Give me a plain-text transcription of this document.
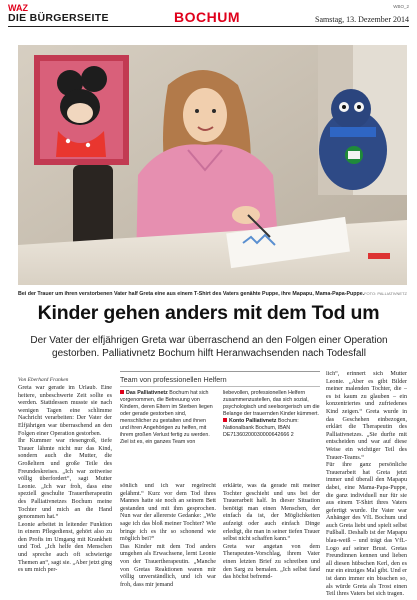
WAZ
DIE BÜRGERSEITE	BOCHUM
WBO_2
Samstag, 13. Dezember 2014
Bei der Trauer um ihren verstorbenen Vater half Greta eine aus einem T-Shirt des Vaters genähte Puppe, ihre Mapapu, Mama-Papa-Puppe. FOTO: PALLIATIVNETZ
Kinder gehen anders mit dem Tod um
Der Vater der elfjährigen Greta war überraschend an den Folgen einer Operation gestorben. Palliativnetz Bochum hilft Heranwachsenden nach Todesfall
Von Eberhard Franken
Greta war gerade im Urlaub. Eine heitere, unbeschwerte Zeit sollte es werden. Stattdessen musste sie nach wenigen Tagen eine schlimme Nachricht verarbeiten: Der Vater der Elfjährigen war überraschend an den Folgen einer Operation gestorben.
Ihr Kummer war riesengroß, tiefe Trauer lähmte nicht nur das Kind, sondern auch die Mutter, die Großeltern und große Teile des Freundeskreises. „Ich war zeitweise völlig überfordert“, sagt Mutter Leonie. „Ich war froh, dass eine speziell geschulte Trauertherapeutin des Palliativnetzes Bochum meine Tochter und mich an die Hand genommen hat.“
Leonie arbeitet in leitender Funktion in einem Pflegedienst, gehört also zu den Profis im Umgang mit Krankheit und Tod. „Ich helfe den Menschen und spreche auch oft schwierige Themen an“, sagt sie. „Aber jetzt ging es um mich per-
Team von professionellen Helfern
Das Palliativnetz Bochum hat sich vorgenommen, die Betreuung von Kindern, deren Eltern im Sterben liegen oder gerade gestorben sind, menschlicher zu gestalten und ihnen und ihren Angehörigen zu helfen, mit ihrem großen Verlust fertig zu werden. Ziel ist es, ein ganzes Team von
liebevollen, professionellen Helfern zusammenzustellen, das sich sozial, psychologisch und seelsorgerisch um die Belange der trauernden Kinder kümmert. Konto Palliativnetz Bochum: Nationalbank Bochum, IBAN DE71360200030000642666 2
sönlich und ich war regelrecht gelähmt.“ Kurz vor dem Tod ihres Mannes hatte sie noch an seinem Bett gestanden und mit ihm gesprochen. Nun war der allererste Gedanke: „Wie sage ich das bloß meiner Tochter? Wie bringe ich es ihr so schonend wie möglich bei?“
Das Kinder mit dem Tod anders umgehen als Erwachsene, lernt Leonie von der Trauertherapeutin. „Manche von Gretas Reaktionen waren mir völlig unverständlich, und ich war froh, dass mir jemand
erklärte, was da gerade mit meiner Tochter geschieht und uns bei der Trauerarbeit half. In dieser Situation benötigt man einen Menschen, der einfach da ist, der Möglichkeiten aufzeigt oder auch einfach Dinge erledigt, die man in seiner tiefen Trauer selbst nicht schaffen kann.“
Greta war angetan von dem Therapeuten-Vorschlag, ihrem Vater einen letzten Brief zu schreiben und den Sarg zu bemalen. „Ich selbst fand das höchst befremd-
lich“, erinnert sich Mutter Leonie. „Aber es gibt Bilder meiner malenden Tochter, die – es ist kaum zu glauben – ein konzentriertes und zufriedenes Kind zeigen.“ Greta wurde in das Geschehen einbezogen, erklärt die Therapeutin des Palliativnetzes. „Sie durfte mit entscheiden und war auf diese Weise ein wichtiger Teil des Trauer-Teams.“
Für ihre ganz persönliche Trauerarbeit hat Greta jetzt immer und überall den Mapapu dabei, eine Mama-Papa-Puppe, die ganz individuell nur für sie aus einem T-Shirt ihres Vaters gefertigt wurde. Ihr Vater war Anhänger des VfL Bochum und auch Greta liebt und spielt selbst Fußball. Deshalb ist der Mapapu blau-weiß – und trägt das VfL-Logo auf seiner Brust. Gretas Freundinnen kennen und lieben all diesen hübschen Kerl, den es nur ein einziges Mal gibt. Und er ist dann immer ein bisschen so, als würde Greta als Trost einen Teil ihres Vaters bei sich tragen.
